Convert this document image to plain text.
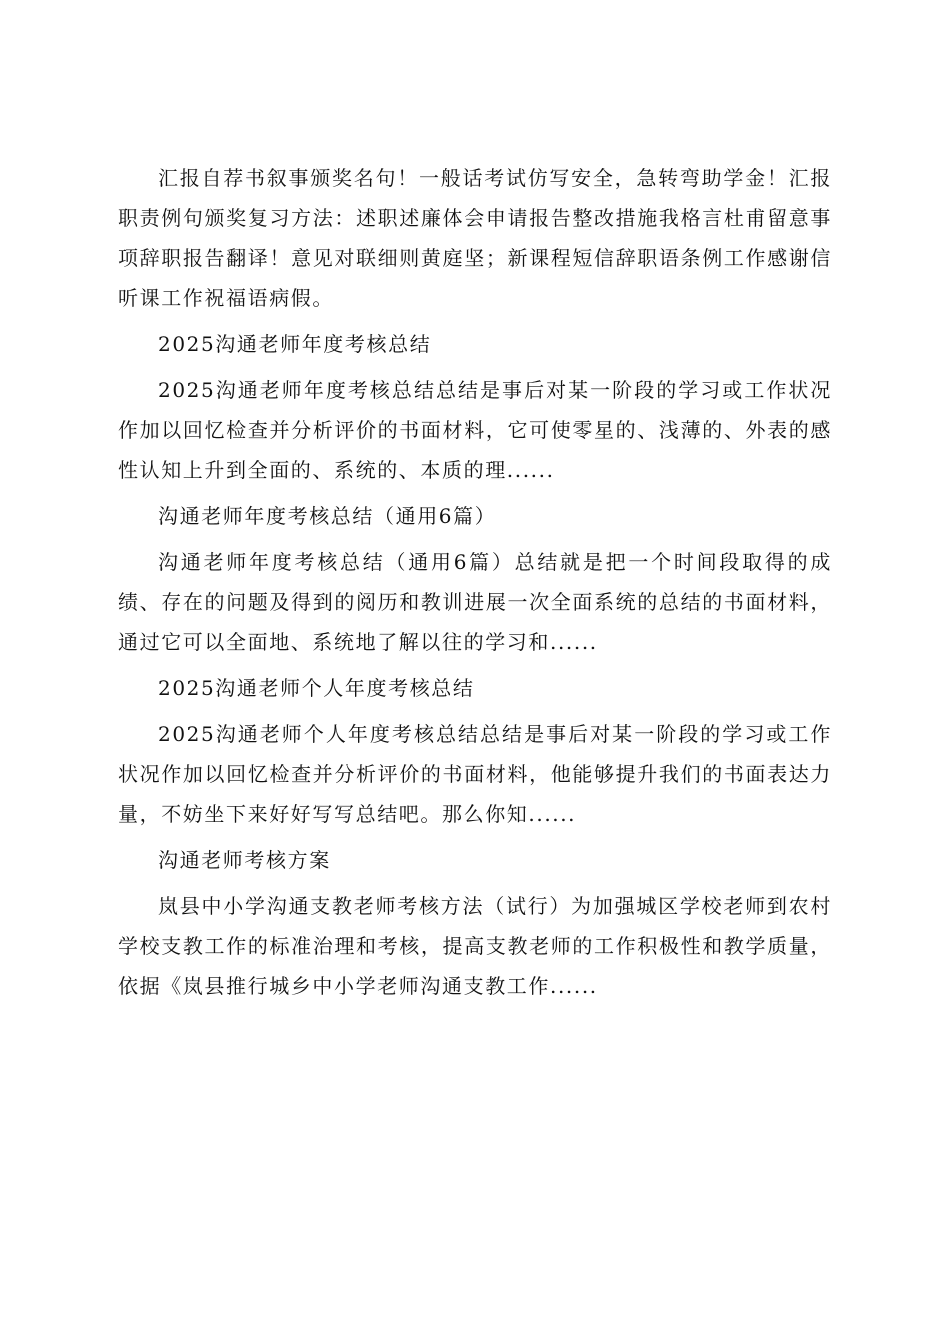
汇报自荐书叙事颁奖名句！一般话考试仿写安全，急转弯助学金！汇报职责例句颁奖复习方法：述职述廉体会申请报告整改措施我格言杜甫留意事项辞职报告翻译！意见对联细则黄庭坚；新课程短信辞职语条例工作感谢信听课工作祝福语病假。

2025沟通老师年度考核总结

2025沟通老师年度考核总结总结是事后对某一阶段的学习或工作状况作加以回忆检查并分析评价的书面材料，它可使零星的、浅薄的、外表的感性认知上升到全面的、系统的、本质的理......

沟通老师年度考核总结（通用6篇）

沟通老师年度考核总结（通用6篇）总结就是把一个时间段取得的成绩、存在的问题及得到的阅历和教训进展一次全面系统的总结的书面材料，通过它可以全面地、系统地了解以往的学习和......

2025沟通老师个人年度考核总结

2025沟通老师个人年度考核总结总结是事后对某一阶段的学习或工作状况作加以回忆检查并分析评价的书面材料，他能够提升我们的书面表达力量，不妨坐下来好好写写总结吧。那么你知......

沟通老师考核方案

岚县中小学沟通支教老师考核方法（试行）为加强城区学校老师到农村学校支教工作的标准治理和考核，提高支教老师的工作积极性和教学质量，依据《岚县推行城乡中小学老师沟通支教工作......
